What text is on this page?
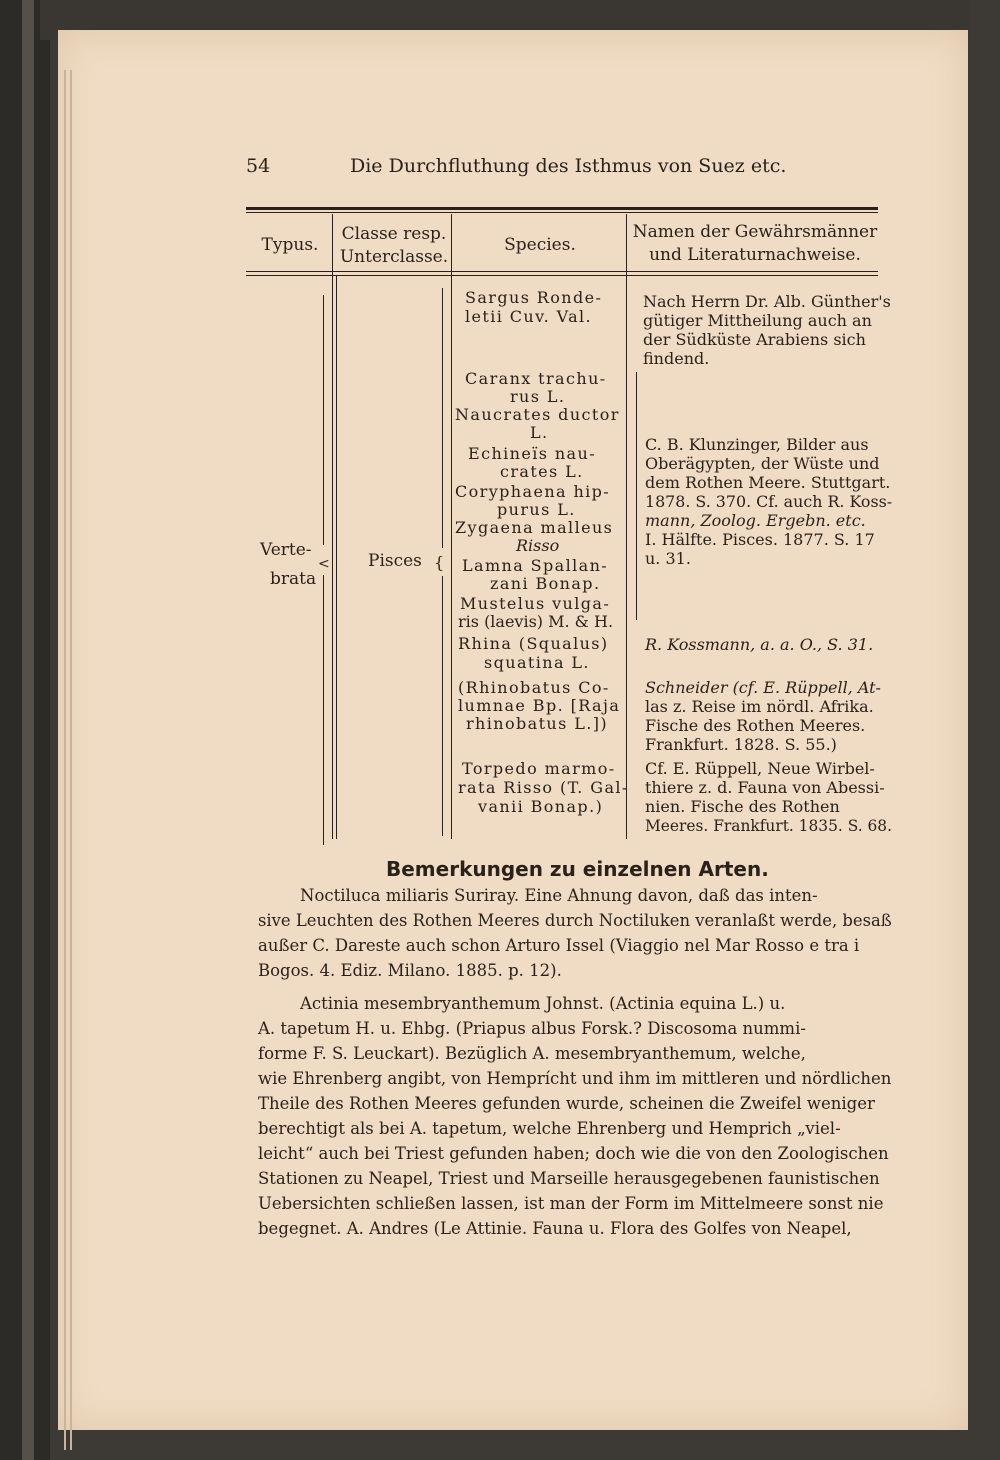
54	Die Durchfluthung des Isthmus von Suez etc.
Typus.
Classe resp.
Unterclasse.
Species.
Namen der Gewährsmänner
und Literaturnachweise.
Verte-
brata
< Pisces {
Sargus Ronde-
letii Cuv. Val.
Caranx trachu-
rus L.
Naucrates ductor
L.
Echineïs nau-
crates L.
Coryphaena hip-
purus L.
Zygaena malleus
Risso
Lamna Spallan-
zani Bonap.
Mustelus vulga-
ris (laevis) M. & H.
Rhina (Squalus)
squatina L.
(Rhinobatus Co-
lumnae Bp. [Raja
rhinobatus L.])
Torpedo marmo-
rata Risso (T. Gal-
vanii Bonap.)
Nach Herrn Dr. Alb. Günther's
gütiger Mittheilung auch an
der Südküste Arabiens sich
findend.
C. B. Klunzinger, Bilder aus
Oberägypten, der Wüste und
dem Rothen Meere. Stuttgart.
1878. S. 370. Cf. auch R. Koss-
mann, Zoolog. Ergebn. etc.
I. Hälfte. Pisces. 1877. S. 17
u. 31.
R. Kossmann, a. a. O., S. 31.
Schneider (cf. E. Rüppell, At-
las z. Reise im nördl. Afrika.
Fische des Rothen Meeres.
Frankfurt. 1828. S. 55.)
Cf. E. Rüppell, Neue Wirbel-
thiere z. d. Fauna von Abessi-
nien. Fische des Rothen
Meeres. Frankfurt. 1835. S. 68.
Bemerkungen zu einzelnen Arten.
Noctiluca miliaris Suriray. Eine Ahnung davon, daß das inten-
sive Leuchten des Rothen Meeres durch Noctiluken veranlaßt werde, besaß
außer C. Dareste auch schon Arturo Issel (Viaggio nel Mar Rosso e tra i
Bogos. 4. Ediz. Milano. 1885. p. 12).
Actinia mesembryanthemum Johnst. (Actinia equina L.) u.
A. tapetum H. u. Ehbg. (Priapus albus Forsk.? Discosoma nummi-
forme F. S. Leuckart). Bezüglich A. mesembryanthemum, welche,
wie Ehrenberg angibt, von Hemprícht und ihm im mittleren und nördlichen
Theile des Rothen Meeres gefunden wurde, scheinen die Zweifel weniger
berechtigt als bei A. tapetum, welche Ehrenberg und Hemprich „viel-
leicht“ auch bei Triest gefunden haben; doch wie die von den Zoologischen
Stationen zu Neapel, Triest und Marseille herausgegebenen faunistischen
Uebersichten schließen lassen, ist man der Form im Mittelmeere sonst nie
begegnet. A. Andres (Le Attinie. Fauna u. Flora des Golfes von Neapel,
